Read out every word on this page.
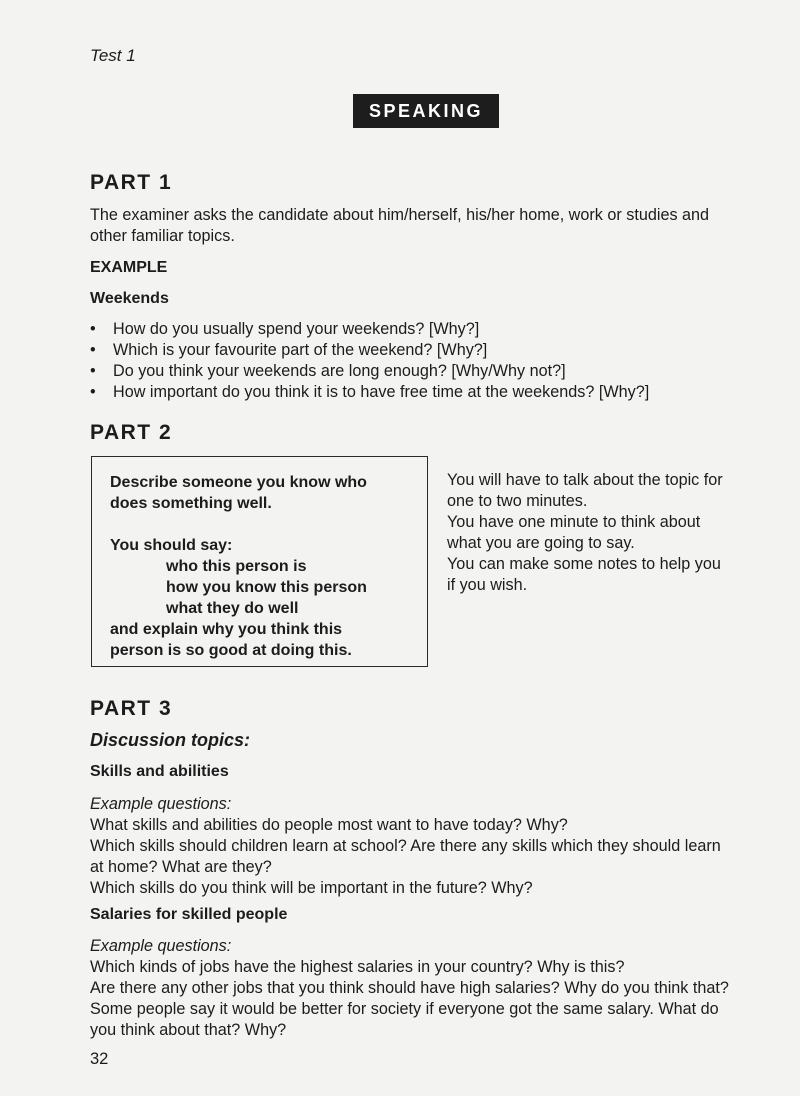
Test 1
SPEAKING
PART 1
The examiner asks the candidate about him/herself, his/her home, work or studies and
other familiar topics.
EXAMPLE
Weekends
• How do you usually spend your weekends? [Why?]
• Which is your favourite part of the weekend? [Why?]
• Do you think your weekends are long enough? [Why/Why not?]
• How important do you think it is to have free time at the weekends? [Why?]
PART 2
Describe someone you know who
does something well.
You should say:
who this person is
how you know this person
what they do well
and explain why you think this
person is so good at doing this.
You will have to talk about the topic for
one to two minutes.
You have one minute to think about
what you are going to say.
You can make some notes to help you
if you wish.
PART 3
Discussion topics:
Skills and abilities
Example questions:
What skills and abilities do people most want to have today? Why?
Which skills should children learn at school? Are there any skills which they should learn
at home? What are they?
Which skills do you think will be important in the future? Why?
Salaries for skilled people
Example questions:
Which kinds of jobs have the highest salaries in your country? Why is this?
Are there any other jobs that you think should have high salaries? Why do you think that?
Some people say it would be better for society if everyone got the same salary. What do
you think about that? Why?
32
